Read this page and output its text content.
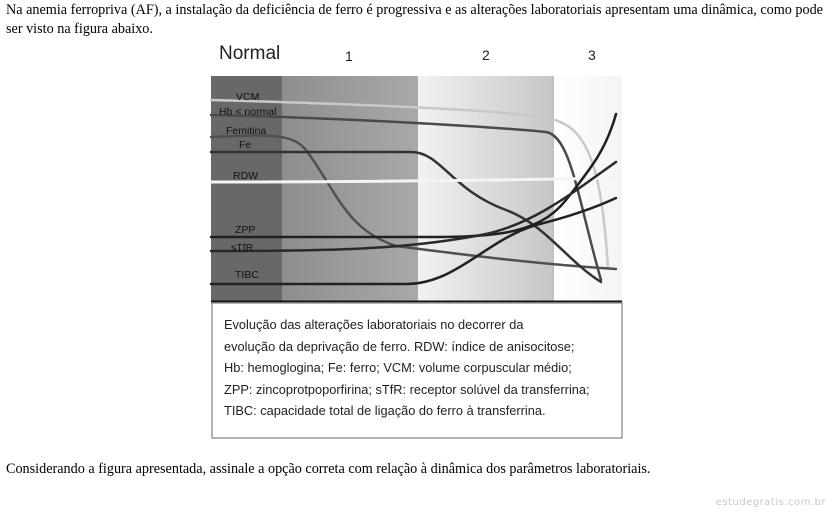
Na anemia ferropriva (AF), a instalação da deficiência de ferro é progressiva e as alterações laboratoriais apresentam uma dinâmica, como pode ser visto na figura abaixo.

Normal	1	2	3
VCM
Hb < normal
Femitina
Fe
RDW
ZPP
sTfR
TIBC
Evolução das alterações laboratoriais no decorrer da
evolução da deprivação de ferro. RDW: índice de anisocitose;
Hb: hemoglogina; Fe: ferro; VCM: volume corpuscular médio;
ZPP: zincoprotpoporfirina; sTfR: receptor solúvel da transferrina;
TIBC: capacidade total de ligação do ferro à transferrina.

Considerando a figura apresentada, assinale a opção correta com relação à dinâmica dos parâmetros laboratoriais.

estudegratis.com.br
